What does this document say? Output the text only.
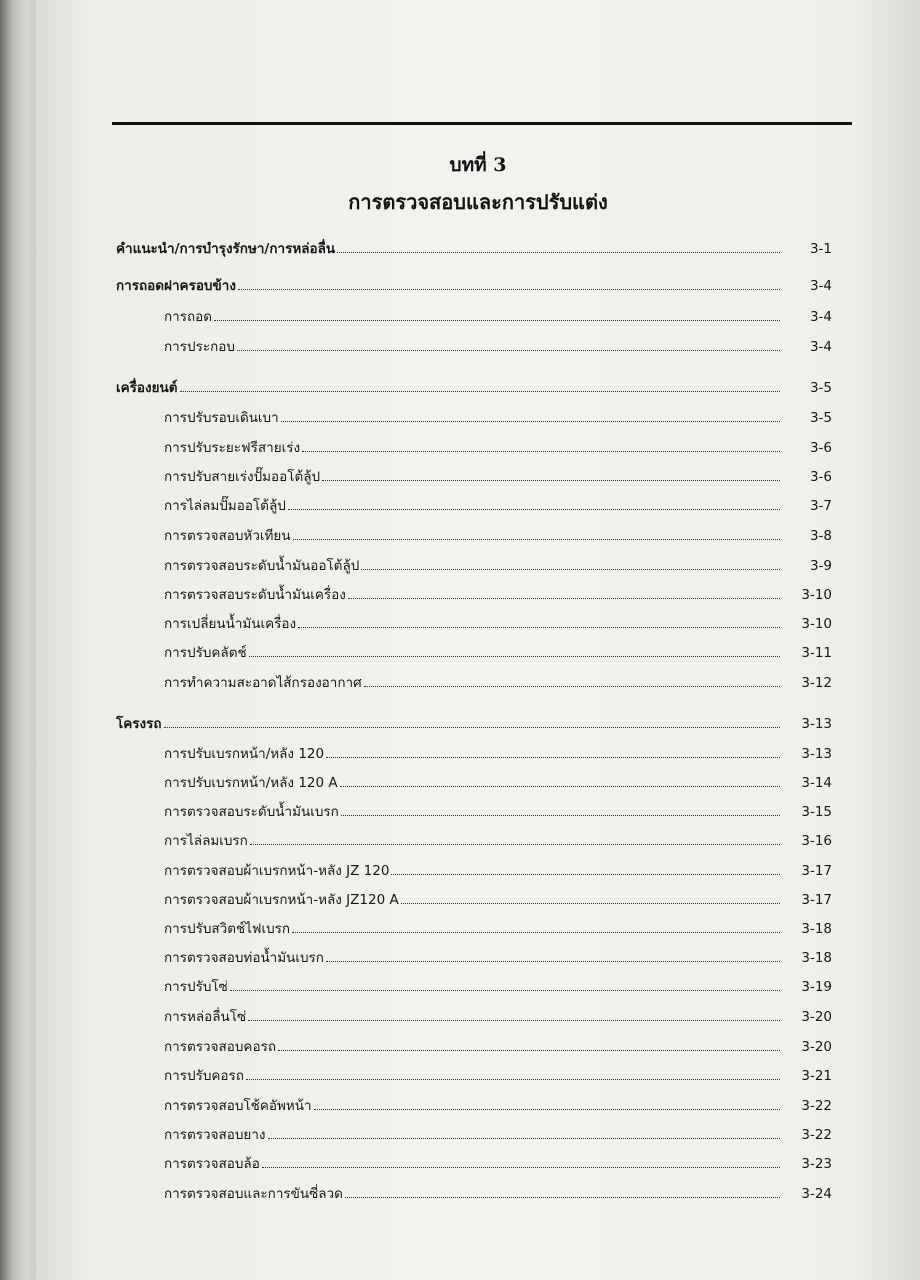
บทที่ 3
การตรวจสอบและการปรับแต่ง
คำแนะนำ/การบำรุงรักษา/การหล่อลื่น	3-1
การถอดฝาครอบข้าง	3-4
การถอด	3-4
การประกอบ	3-4
เครื่องยนต์	3-5
การปรับรอบเดินเบา	3-5
การปรับระยะฟรีสายเร่ง	3-6
การปรับสายเร่งปั๊มออโต้ลู้ป	3-6
การไล่ลมปั๊มออโต้ลู้ป	3-7
การตรวจสอบหัวเทียน	3-8
การตรวจสอบระดับน้ำมันออโต้ลู้ป	3-9
การตรวจสอบระดับน้ำมันเครื่อง	3-10
การเปลี่ยนน้ำมันเครื่อง	3-10
การปรับคลัตช์	3-11
การทำความสะอาดไส้กรองอากาศ	3-12
โครงรถ	3-13
การปรับเบรกหน้า/หลัง 120	3-13
การปรับเบรกหน้า/หลัง 120 A	3-14
การตรวจสอบระดับน้ำมันเบรก	3-15
การไล่ลมเบรก	3-16
การตรวจสอบผ้าเบรกหน้า-หลัง JZ 120	3-17
การตรวจสอบผ้าเบรกหน้า-หลัง JZ120 A	3-17
การปรับสวิตช์ไฟเบรก	3-18
การตรวจสอบท่อน้ำมันเบรก	3-18
การปรับโซ่	3-19
การหล่อลื่นโซ่	3-20
การตรวจสอบคอรถ	3-20
การปรับคอรถ	3-21
การตรวจสอบโช้คอัพหน้า	3-22
การตรวจสอบยาง	3-22
การตรวจสอบล้อ	3-23
การตรวจสอบและการขันซี่ลวด	3-24
